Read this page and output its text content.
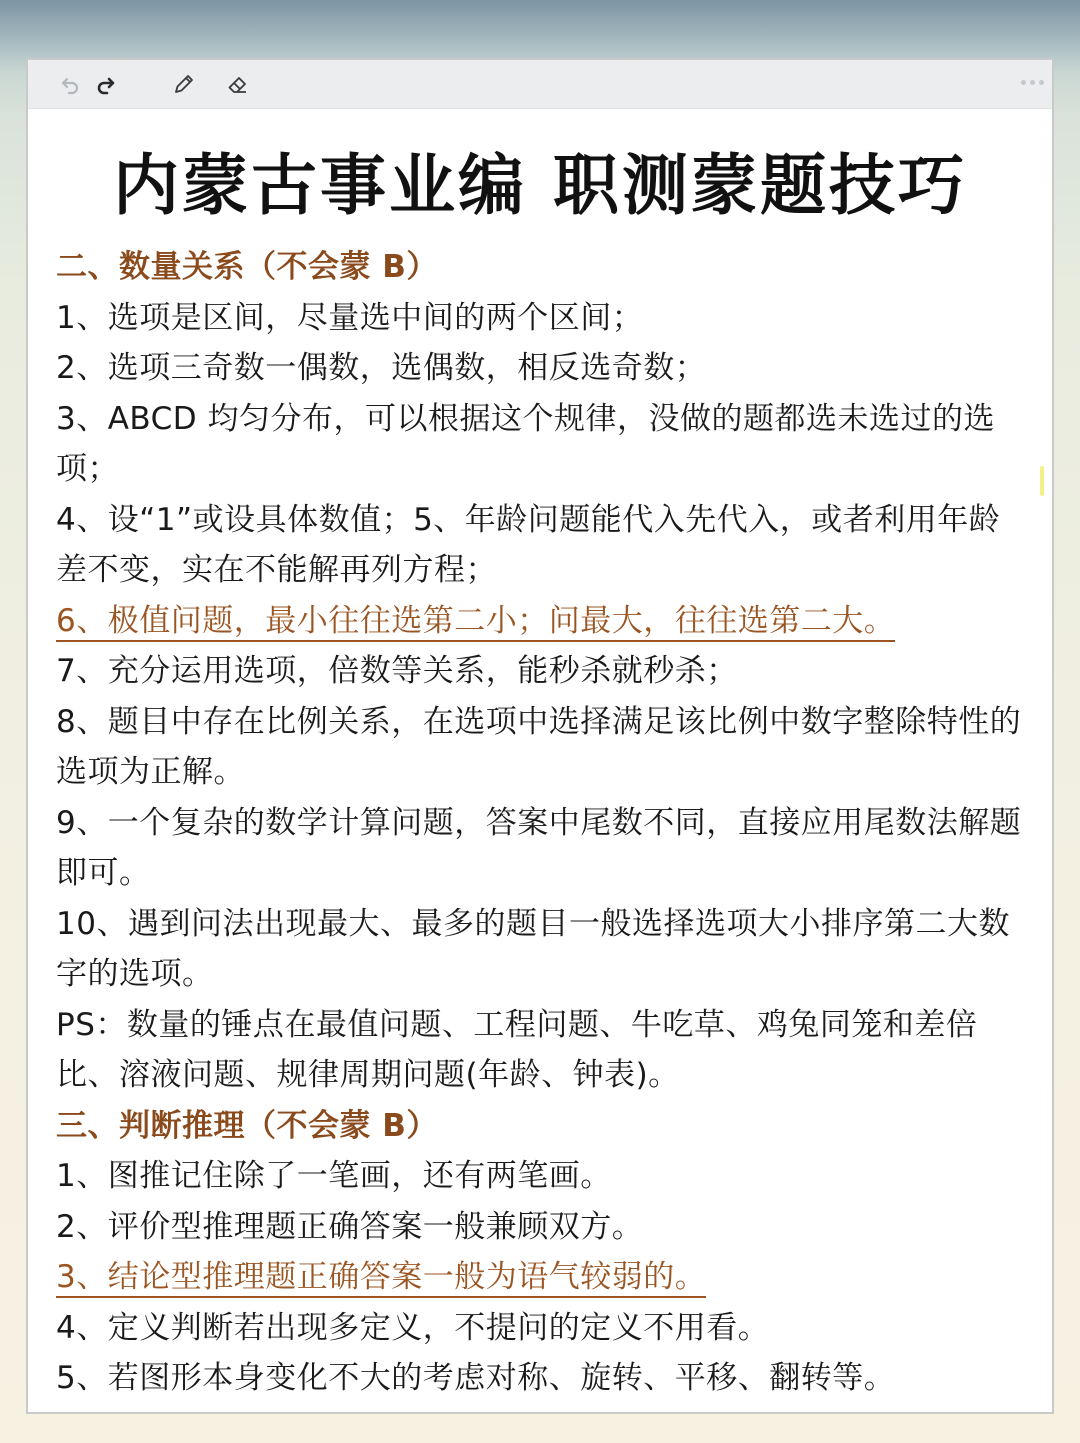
内蒙古事业编 职测蒙题技巧
二、数量关系（不会蒙 B）
1、选项是区间，尽量选中间的两个区间；
2、选项三奇数一偶数，选偶数，相反选奇数；
3、ABCD 均匀分布，可以根据这个规律，没做的题都选未选过的选项；
4、设“1”或设具体数值；5、年龄问题能代入先代入，或者利用年龄差不变，实在不能解再列方程；
6、极值问题，最小往往选第二小；问最大，往往选第二大。
7、充分运用选项，倍数等关系，能秒杀就秒杀；
8、题目中存在比例关系，在选项中选择满足该比例中数字整除特性的选项为正解。
9、一个复杂的数学计算问题，答案中尾数不同，直接应用尾数法解题即可。
10、遇到问法出现最大、最多的题目一般选择选项大小排序第二大数字的选项。
PS：数量的锤点在最值问题、工程问题、牛吃草、鸡兔同笼和差倍比、溶液问题、规律周期问题(年龄、钟表)。
三、判断推理（不会蒙 B）
1、图推记住除了一笔画，还有两笔画。
2、评价型推理题正确答案一般兼顾双方。
3、结论型推理题正确答案一般为语气较弱的。
4、定义判断若出现多定义，不提问的定义不用看。
5、若图形本身变化不大的考虑对称、旋转、平移、翻转等。
